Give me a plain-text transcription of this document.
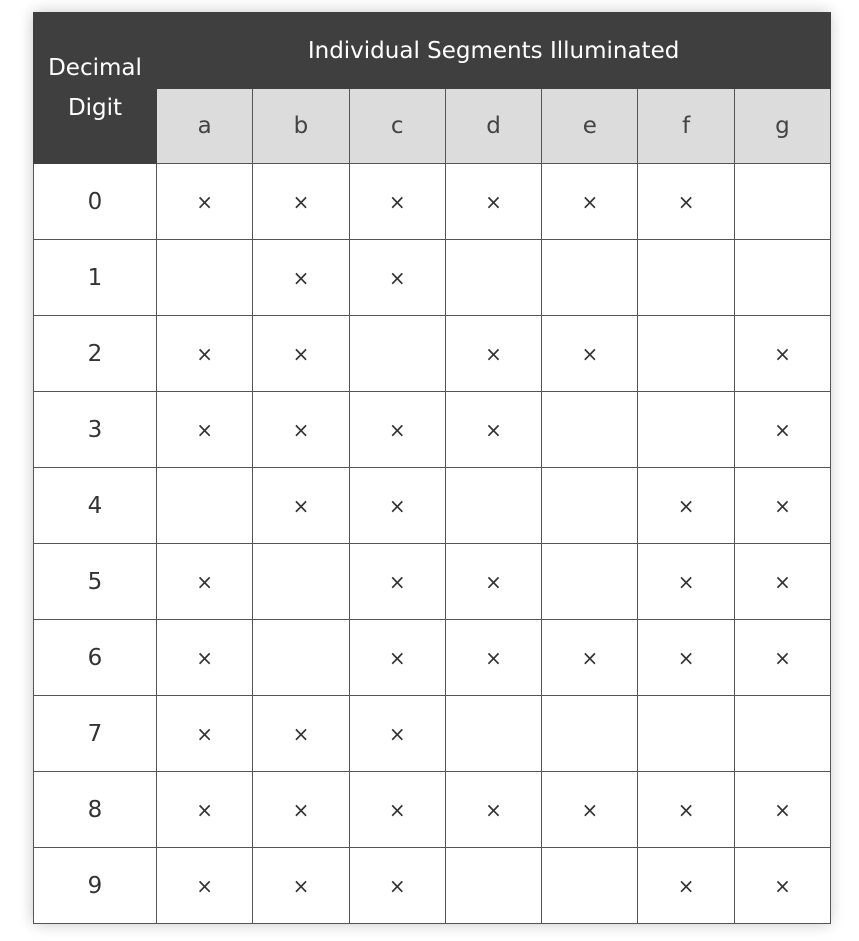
Decimal Digit	Individual Segments Illuminated						
	a	b	c	d	e	f	g
0	×	×	×	×	×	×	
1		×	×				
2	×	×		×	×		×
3	×	×	×	×			×
4		×	×			×	×
5	×		×	×		×	×
6	×		×	×	×	×	×
7	×	×	×				
8	×	×	×	×	×	×	×
9	×	×	×			×	×
